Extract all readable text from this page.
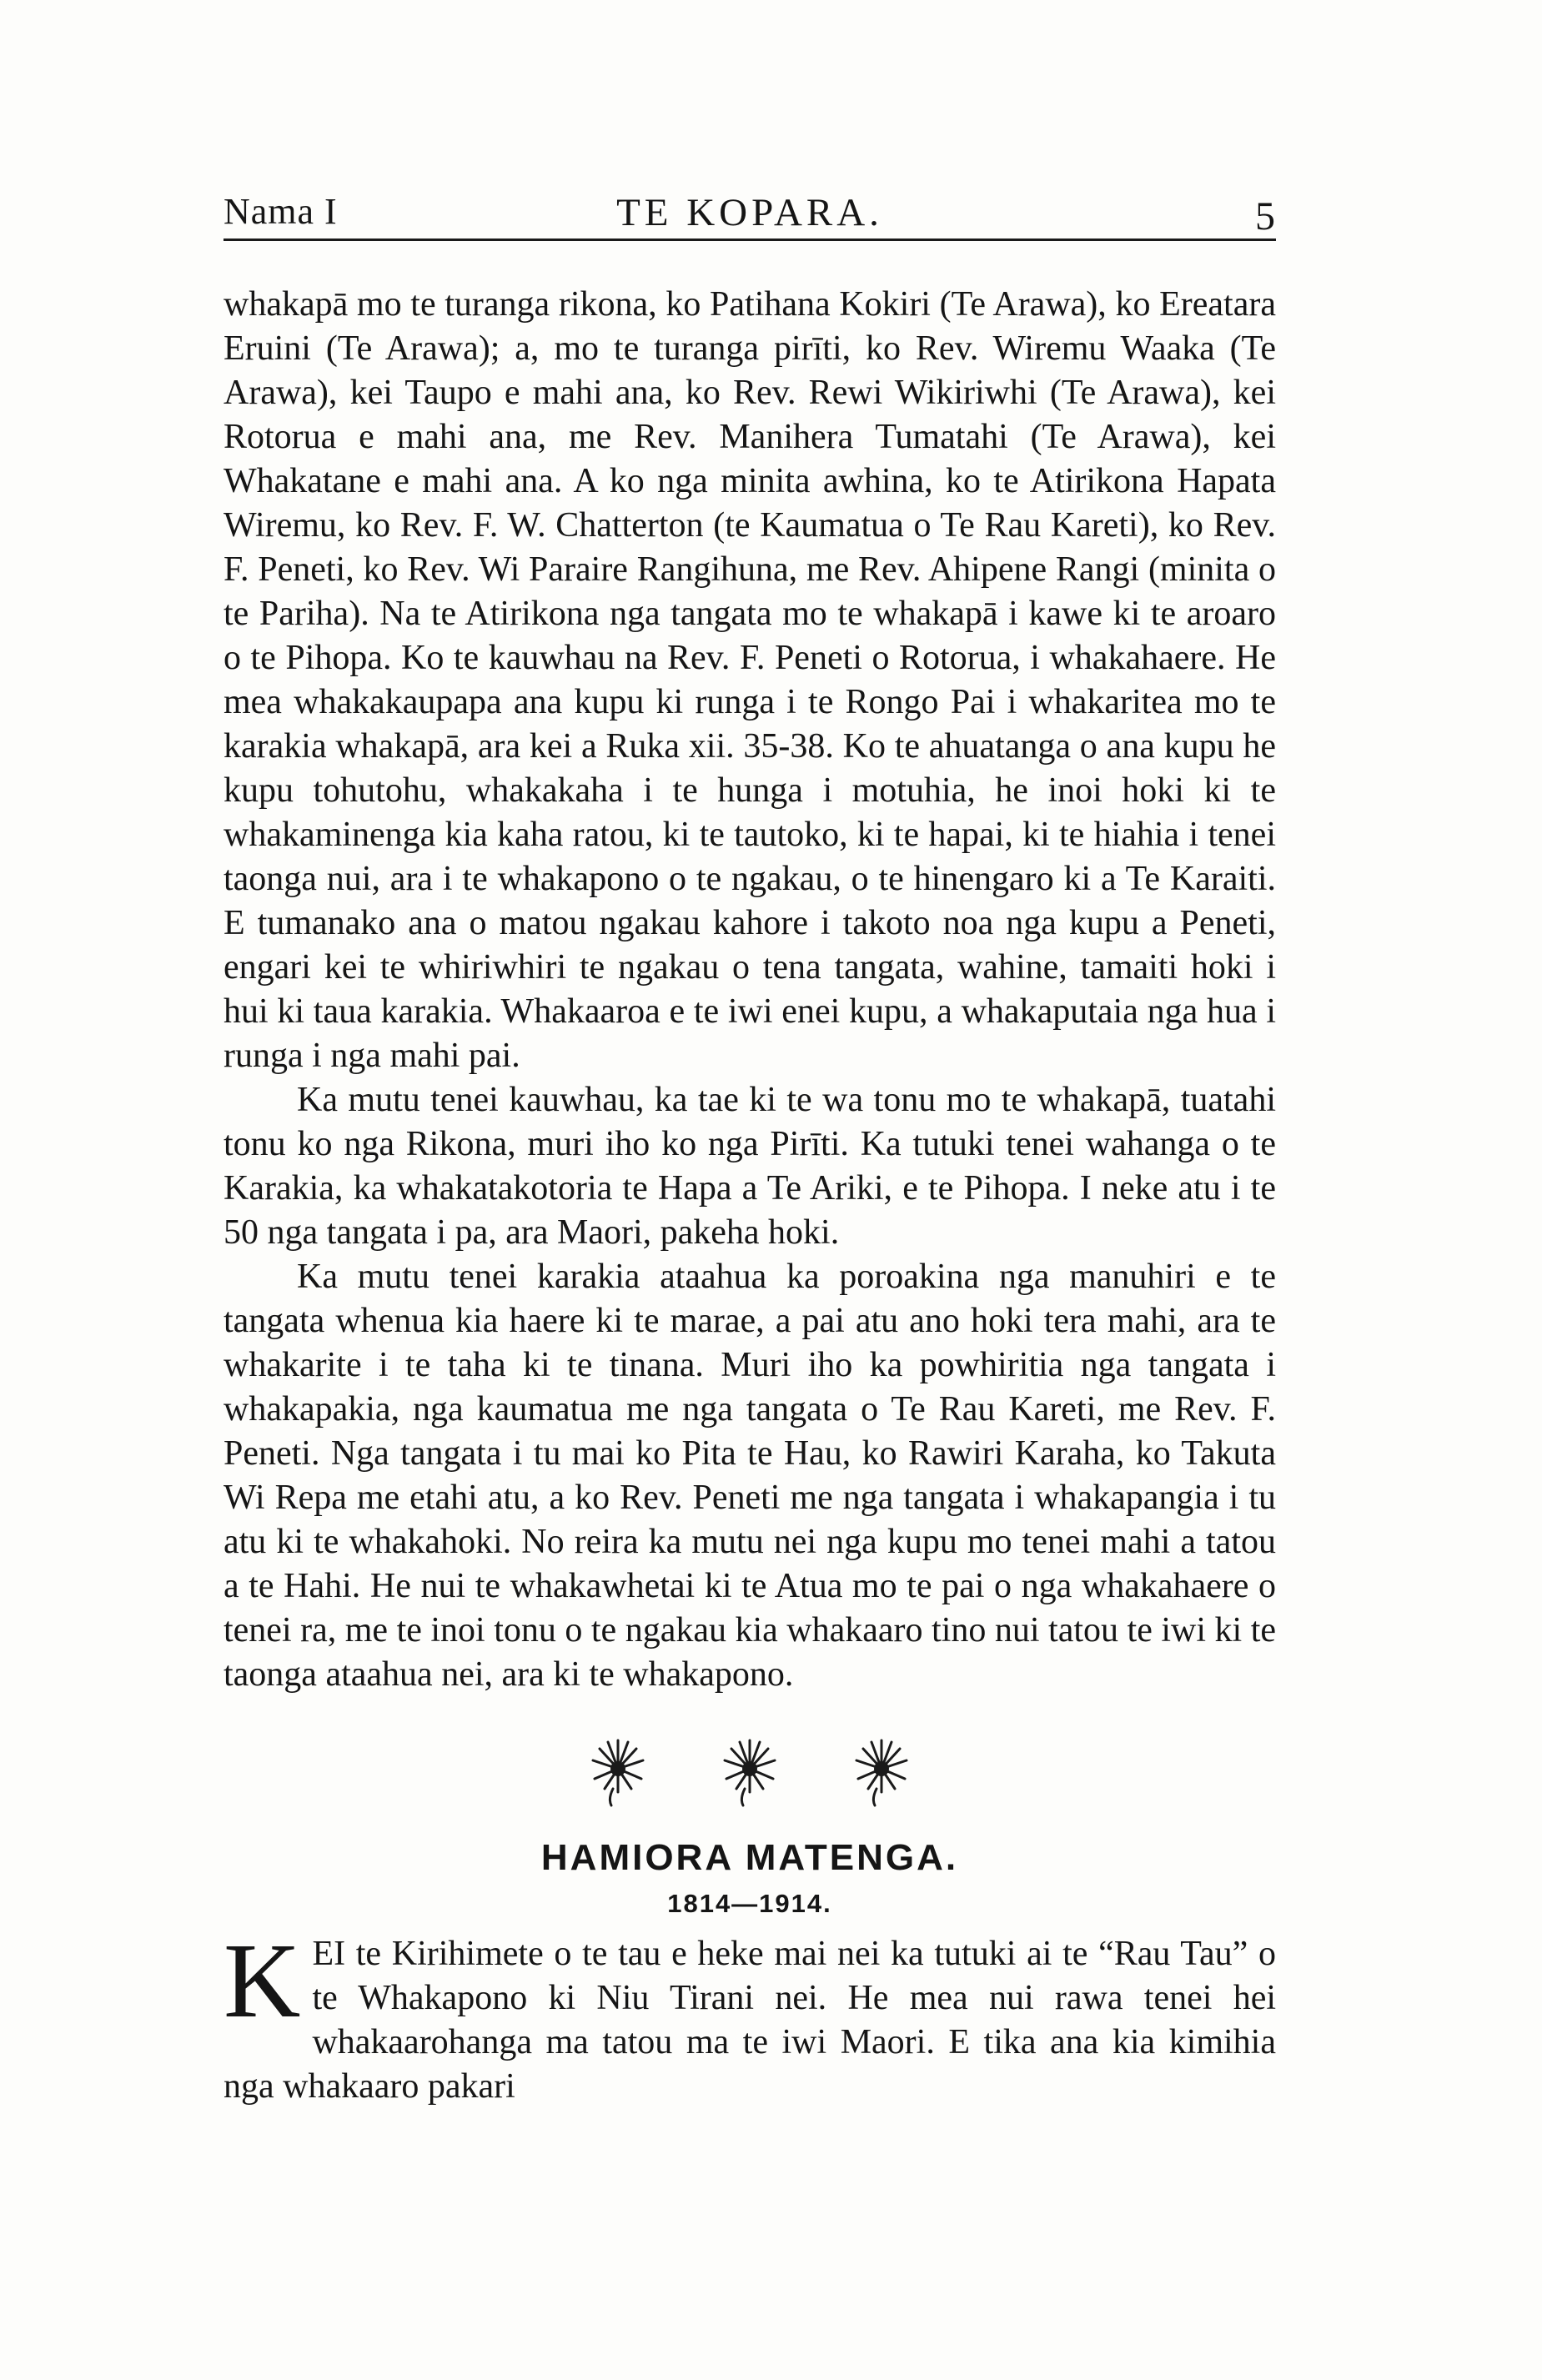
Nama I	TE KOPARA.	5

whakapā mo te turanga rikona, ko Patihana Kokiri (Te Arawa), ko Ereatara Eruini (Te Arawa); a, mo te turanga pirīti, ko Rev. Wiremu Waaka (Te Arawa), kei Taupo e mahi ana, ko Rev. Rewi Wikiriwhi (Te Arawa), kei Rotorua e mahi ana, me Rev. Manihera Tumatahi (Te Arawa), kei Whakatane e mahi ana. A ko nga minita awhina, ko te Atirikona Hapata Wiremu, ko Rev. F. W. Chatterton (te Kaumatua o Te Rau Kareti), ko Rev. F. Peneti, ko Rev. Wi Paraire Rangihuna, me Rev. Ahipene Rangi (minita o te Pariha). Na te Atirikona nga tangata mo te whakapā i kawe ki te aroaro o te Pihopa. Ko te kauwhau na Rev. F. Peneti o Rotorua, i whakahaere. He mea whakakaupapa ana kupu ki runga i te Rongo Pai i whakaritea mo te karakia whakapā, ara kei a Ruka xii. 35-38. Ko te ahuatanga o ana kupu he kupu tohutohu, whakakaha i te hunga i motuhia, he inoi hoki ki te whakaminenga kia kaha ratou, ki te tautoko, ki te hapai, ki te hiahia i tenei taonga nui, ara i te whakapono o te ngakau, o te hinengaro ki a Te Karaiti. E tumanako ana o matou ngakau kahore i takoto noa nga kupu a Peneti, engari kei te whiriwhiri te ngakau o tena tangata, wahine, tamaiti hoki i hui ki taua karakia. Whakaaroa e te iwi enei kupu, a whakaputaia nga hua i runga i nga mahi pai.

Ka mutu tenei kauwhau, ka tae ki te wa tonu mo te whakapā, tuatahi tonu ko nga Rikona, muri iho ko nga Pirīti. Ka tutuki tenei wahanga o te Karakia, ka whakatakotoria te Hapa a Te Ariki, e te Pihopa. I neke atu i te 50 nga tangata i pa, ara Maori, pakeha hoki.

Ka mutu tenei karakia ataahua ka poroakina nga manuhiri e te tangata whenua kia haere ki te marae, a pai atu ano hoki tera mahi, ara te whakarite i te taha ki te tinana. Muri iho ka powhiritia nga tangata i whakapakia, nga kaumatua me nga tangata o Te Rau Kareti, me Rev. F. Peneti. Nga tangata i tu mai ko Pita te Hau, ko Rawiri Karaha, ko Takuta Wi Repa me etahi atu, a ko Rev. Peneti me nga tangata i whakapangia i tu atu ki te whakahoki. No reira ka mutu nei nga kupu mo tenei mahi a tatou a te Hahi. He nui te whakawhetai ki te Atua mo te pai o nga whakahaere o tenei ra, me te inoi tonu o te ngakau kia whakaaro tino nui tatou te iwi ki te taonga ataahua nei, ara ki te whakapono.

HAMIORA MATENGA.
1814—1914.

KEI te Kirihimete o te tau e heke mai nei ka tutuki ai te “Rau Tau” o te Whakapono ki Niu Tirani nei. He mea nui rawa tenei hei whakaarohanga ma tatou ma te iwi Maori. E tika ana kia kimihia nga whakaaro pakari
